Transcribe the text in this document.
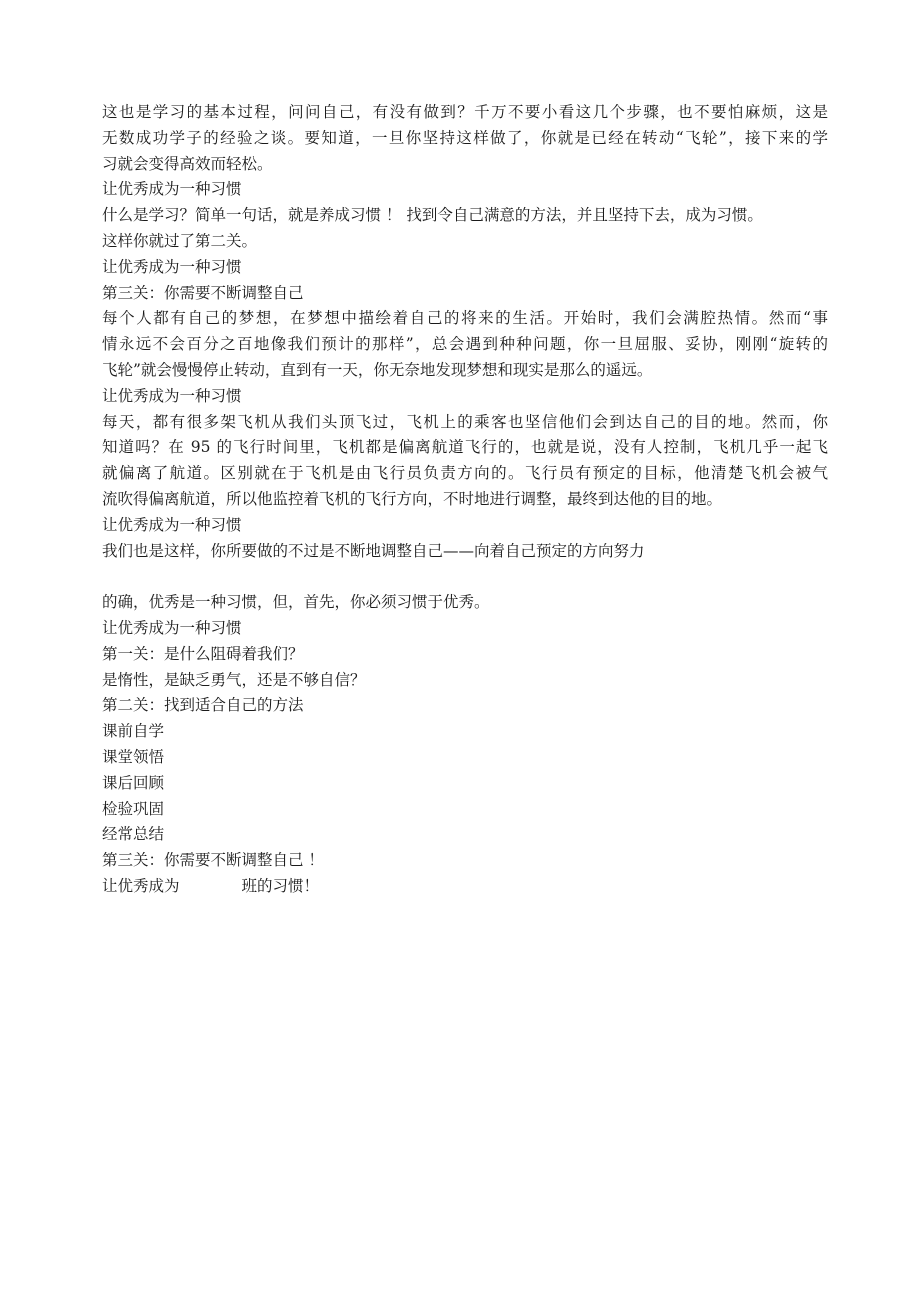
这也是学习的基本过程，问问自己，有没有做到？千万不要小看这几个步骤，也不要怕麻烦，这是
无数成功学子的经验之谈。要知道，一旦你坚持这样做了，你就是已经在转动“飞轮”，接下来的学
习就会变得高效而轻松。
让优秀成为一种习惯
什么是学习？简单一句话，就是养成习惯 ！ 找到令自己满意的方法，并且坚持下去，成为习惯。
这样你就过了第二关。
让优秀成为一种习惯
第三关：你需要不断调整自己
每个人都有自己的梦想，在梦想中描绘着自己的将来的生活。开始时，我们会满腔热情。然而“事
情永远不会百分之百地像我们预计的那样”，总会遇到种种问题，你一旦屈服、妥协，刚刚“旋转的
飞轮”就会慢慢停止转动，直到有一天，你无奈地发现梦想和现实是那么的遥远。
让优秀成为一种习惯
每天，都有很多架飞机从我们头顶飞过，飞机上的乘客也坚信他们会到达自己的目的地。然而，你
知道吗？在 95 的飞行时间里，飞机都是偏离航道飞行的，也就是说，没有人控制，飞机几乎一起飞
就偏离了航道。区别就在于飞机是由飞行员负责方向的。飞行员有预定的目标，他清楚飞机会被气
流吹得偏离航道，所以他监控着飞机的飞行方向，不时地进行调整，最终到达他的目的地。
让优秀成为一种习惯
我们也是这样，你所要做的不过是不断地调整自己——向着自己预定的方向努力
的确，优秀是一种习惯，但，首先，你必须习惯于优秀。
让优秀成为一种习惯
第一关：是什么阻碍着我们？
是惰性，是缺乏勇气，还是不够自信？
第二关：找到适合自己的方法
课前自学
课堂领悟
课后回顾
检验巩固
经常总结
第三关：你需要不断调整自己 ！
让优秀成为	班的习惯！
